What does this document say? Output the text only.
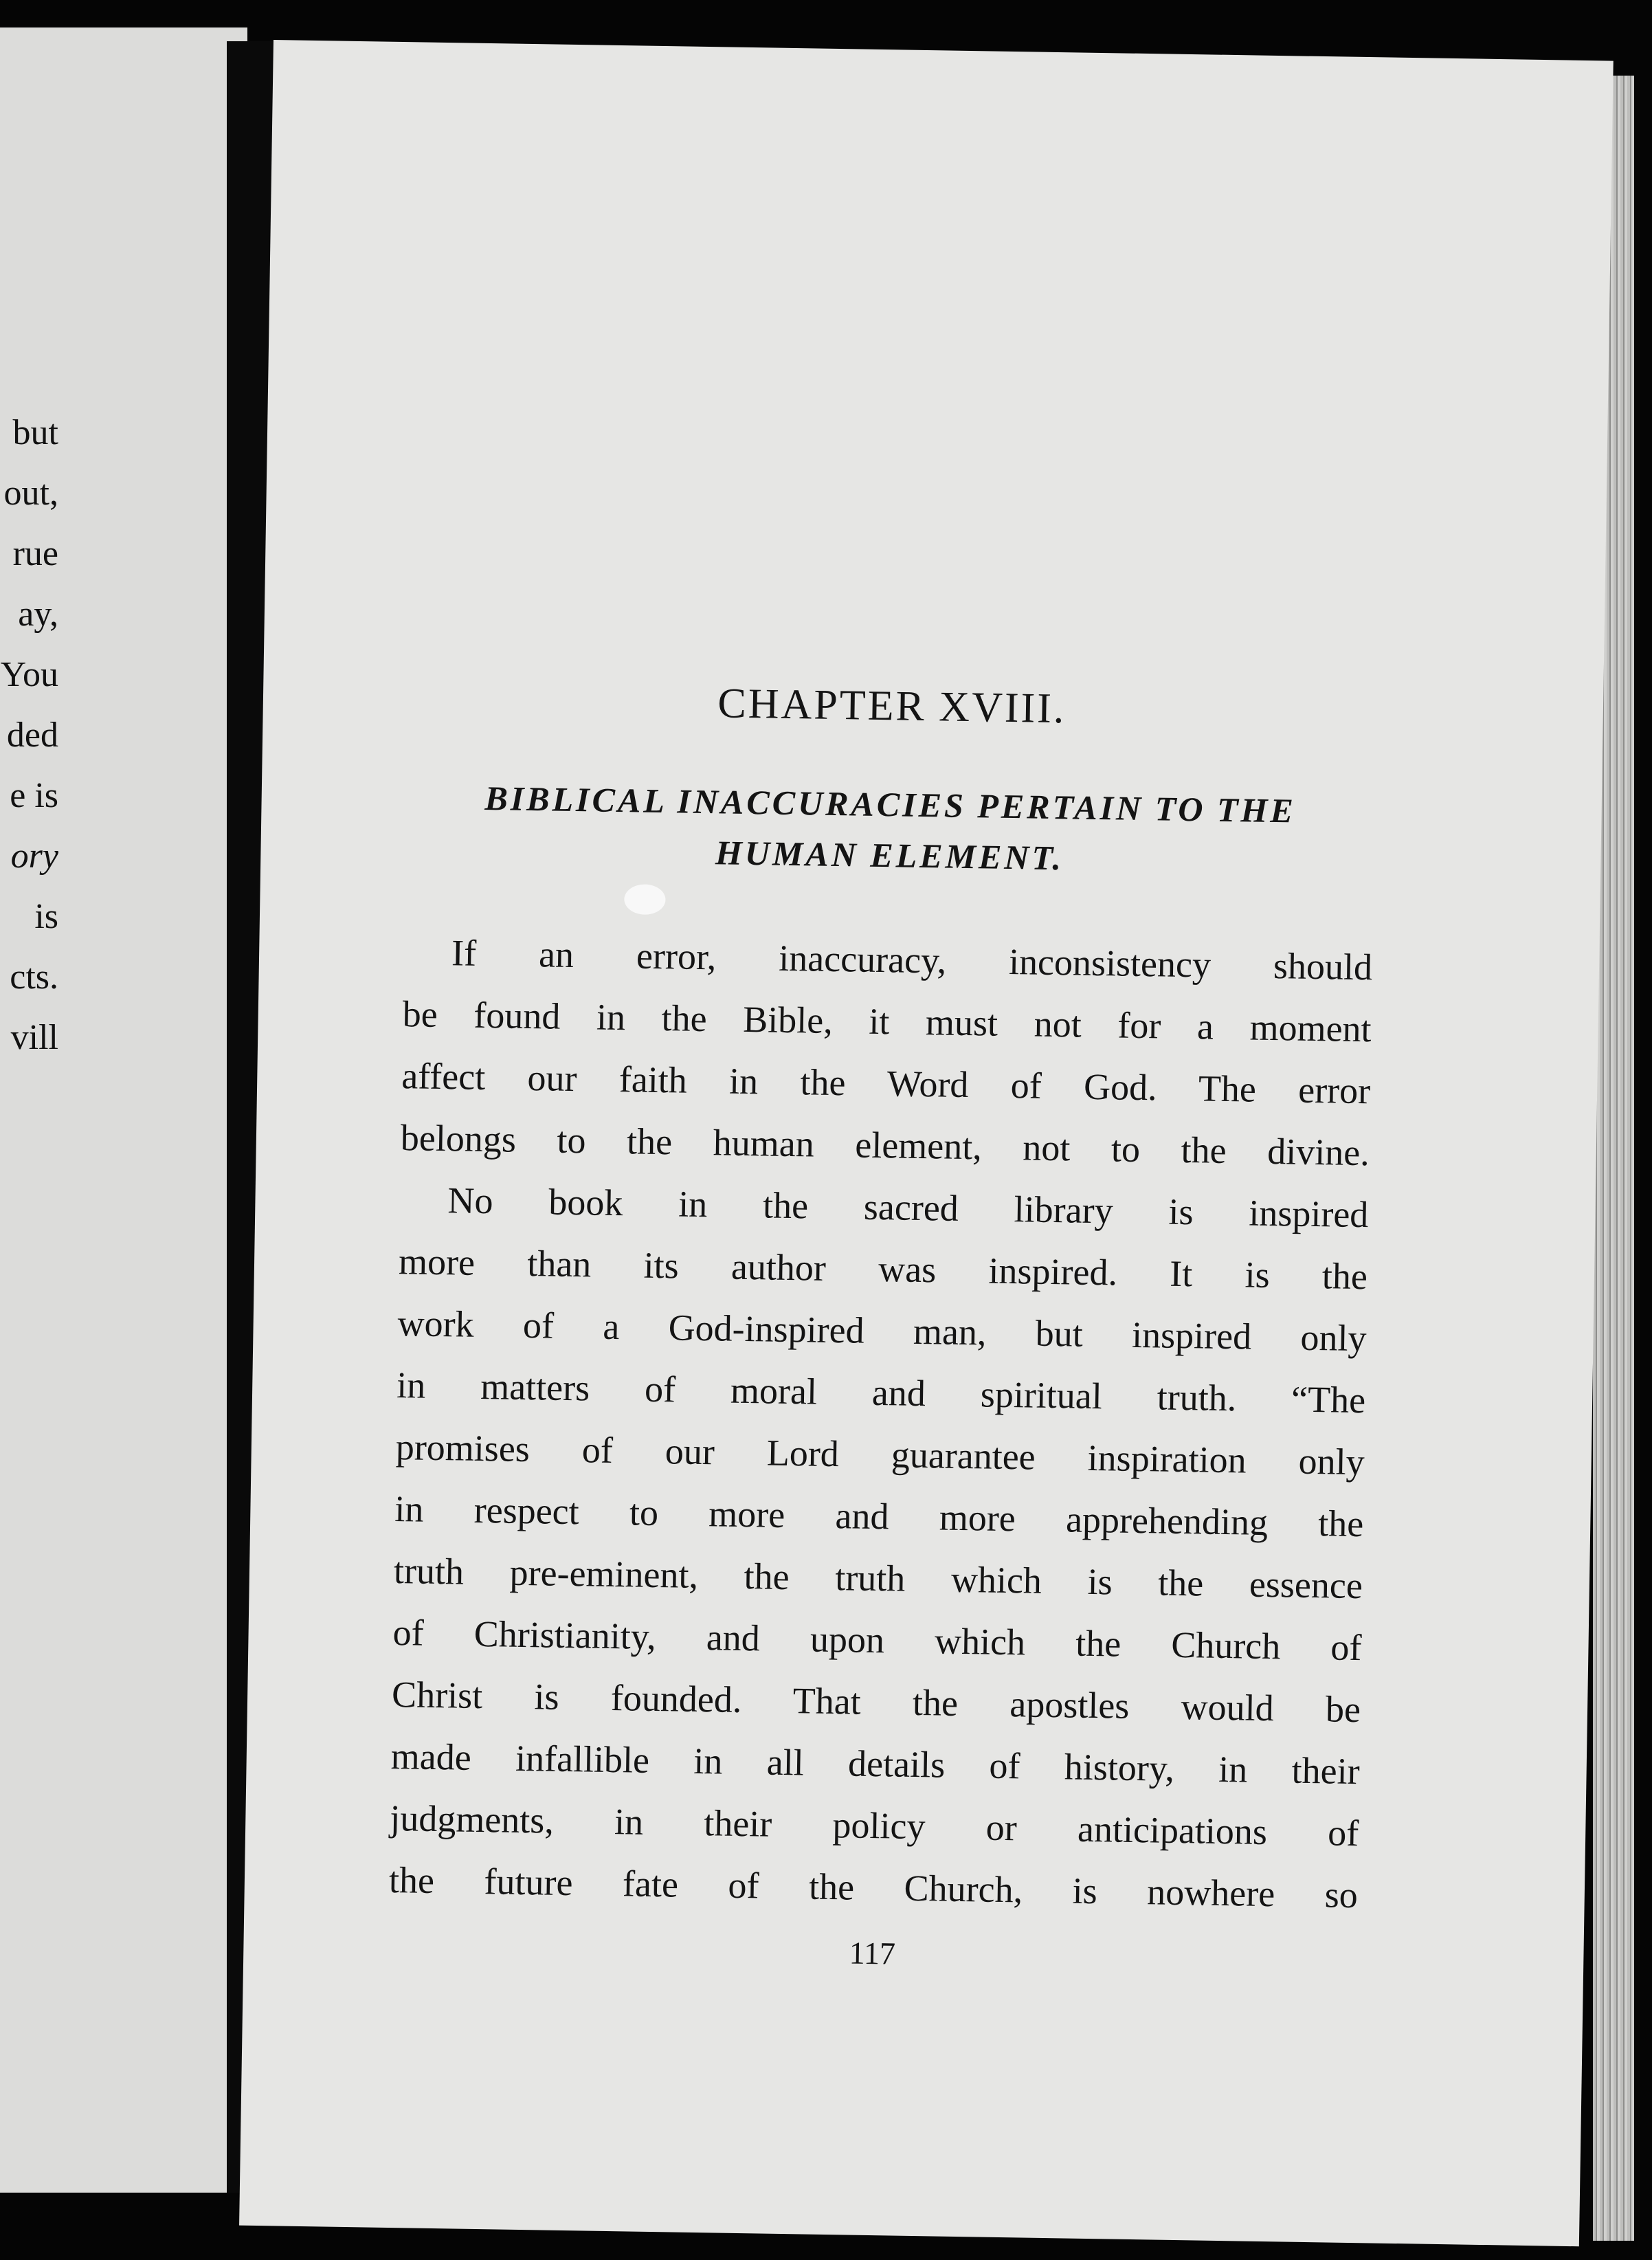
but
out,
rue
ay,
You
ded
e is
ory
is
cts.
vill
CHAPTER XVIII.
BIBLICAL INACCURACIES PERTAIN TO THE
HUMAN ELEMENT.

If an error, inaccuracy, inconsistency should
be found in the Bible, it must not for a moment
affect our faith in the Word of God. The error
belongs to the human element, not to the divine.

No book in the sacred library is inspired
more than its author was inspired. It is the
work of a God-inspired man, but inspired only
in matters of moral and spiritual truth. “The
promises of our Lord guarantee inspiration only
in respect to more and more apprehending the
truth pre-eminent, the truth which is the essence
of Christianity, and upon which the Church of
Christ is founded. That the apostles would be
made infallible in all details of history, in their
judgments, in their policy or anticipations of
the future fate of the Church, is nowhere so

117
